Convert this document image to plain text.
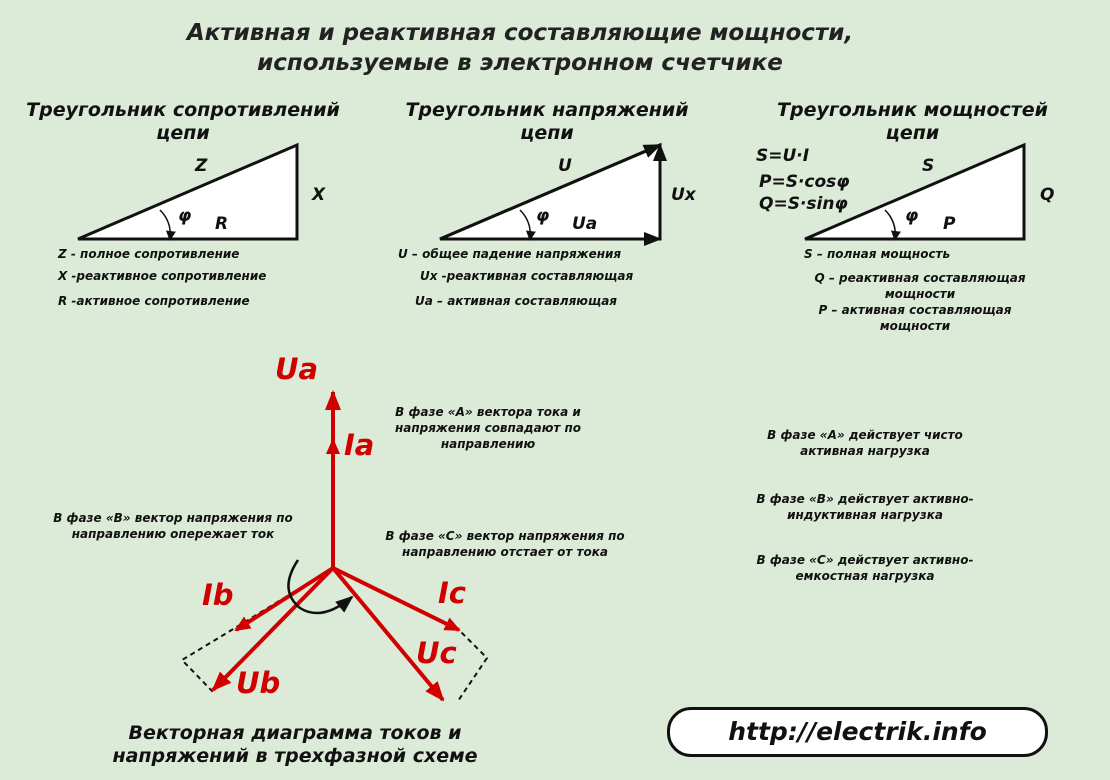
Активная и реактивная составляющие мощности,
используемые в электронном счетчике
Треугольник сопротивлений
цепи
Z
X
R
φ
Z - полное сопротивление
X -реактивное сопротивление
R -активное сопротивление
Треугольник напряжений
цепи
U
Ux
Ua
φ
U – общее падение напряжения
Ux -реактивная составляющая
Ua – активная составляющая
Треугольник мощностей
цепи
S=U·I
P=S·cosφ
Q=S·sinφ
S
Q
P
φ
S – полная мощность
Q – реактивная составляющая
мощности
P – активная составляющая
мощности
Ua
Ia
Ib	Ic
Ub
Uc
В фазе «А» вектора тока и
напряжения совпадают по
направлению
В фазе «B» вектор напряжения по
направлению опережает ток	В фазе «С» вектор напряжения по
направлению отстает от тока
Векторная диаграмма токов и
напряжений в трехфазной схеме
В фазе «А» действует чисто
активная нагрузка
В фазе «В» действует активно-
индуктивная нагрузка
В фазе «С» действует активно-
емкостная нагрузка
http://electrik.info
